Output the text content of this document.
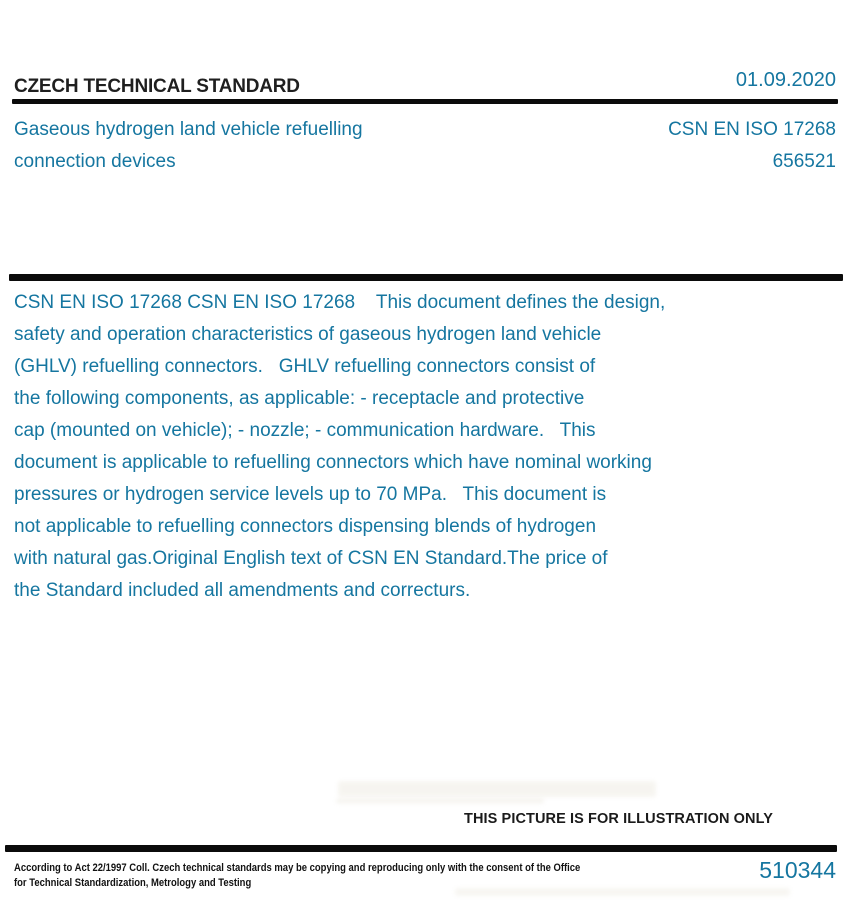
CZECH TECHNICAL STANDARD	01.09.2020
Gaseous hydrogen land vehicle refuelling
connection devices
CSN EN ISO 17268
656521
CSN EN ISO 17268 CSN EN ISO 17268    This document defines the design,
safety and operation characteristics of gaseous hydrogen land vehicle
(GHLV) refuelling connectors.   GHLV refuelling connectors consist of
the following components, as applicable: - receptacle and protective
cap (mounted on vehicle); - nozzle; - communication hardware.   This
document is applicable to refuelling connectors which have nominal working
pressures or hydrogen service levels up to 70 MPa.   This document is
not applicable to refuelling connectors dispensing blends of hydrogen
with natural gas.Original English text of CSN EN Standard.The price of
the Standard included all amendments and correcturs.
THIS PICTURE IS FOR ILLUSTRATION ONLY
According to Act 22/1997 Coll. Czech technical standards may be copying and reproducing only with the consent of the Office
for Technical Standardization, Metrology and Testing	510344
